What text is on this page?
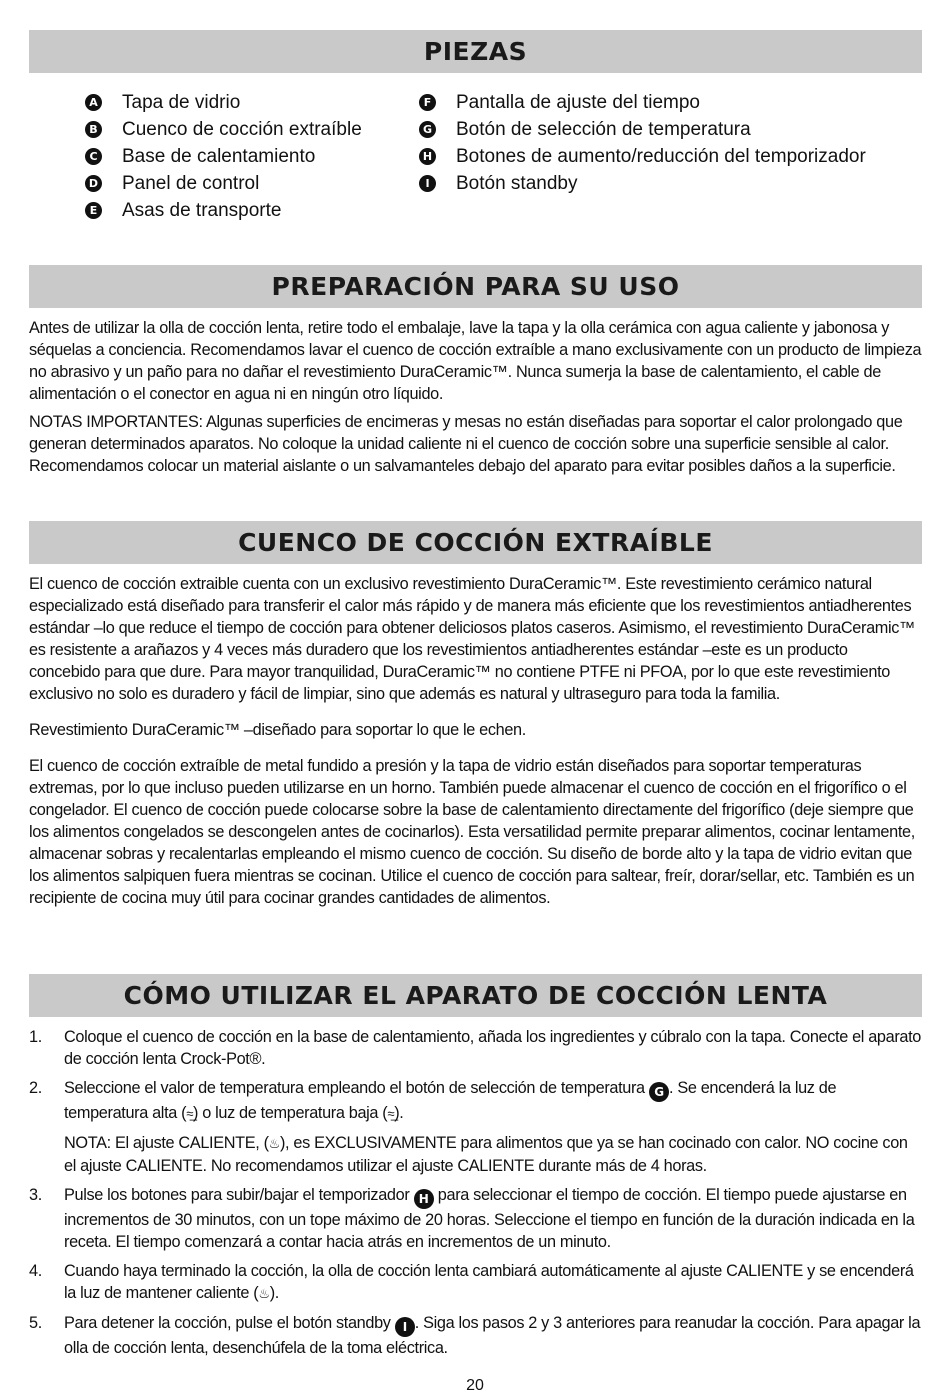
PIEZAS
A Tapa de vidrio
B Cuenco de cocción extraíble
C Base de calentamiento
D Panel de control
E Asas de transporte
F Pantalla de ajuste del tiempo
G Botón de selección de temperatura
H Botones de aumento/reducción del temporizador
I	Botón standby
PREPARACIÓN PARA SU USO

Antes de utilizar la olla de cocción lenta, retire todo el embalaje, lave la tapa y la olla cerámica con agua caliente y jabonosa y séquelas a conciencia. Recomendamos lavar el cuenco de cocción extraíble a mano exclusivamente con un producto de limpieza no abrasivo y un paño para no dañar el revestimiento DuraCeramic™. Nunca sumerja la base de calentamiento, el cable de alimentación o el conector en agua ni en ningún otro líquido.

NOTAS IMPORTANTES: Algunas superficies de encimeras y mesas no están diseñadas para soportar el calor prolongado que generan determinados aparatos. No coloque la unidad caliente ni el cuenco de cocción sobre una superficie sensible al calor. Recomendamos colocar un material aislante o un salvamanteles debajo del aparato para evitar posibles daños a la superficie.

CUENCO DE COCCIÓN EXTRAÍBLE

El cuenco de cocción extraible cuenta con un exclusivo revestimiento DuraCeramic™. Este revestimiento cerámico natural especializado está diseñado para transferir el calor más rápido y de manera más eficiente que los revestimientos antiadherentes estándar –lo que reduce el tiempo de cocción para obtener deliciosos platos caseros. Asimismo, el revestimiento DuraCeramic™ es resistente a arañazos y 4 veces más duradero que los revestimientos antiadherentes estándar –este es un producto concebido para que dure. Para mayor tranquilidad, DuraCeramic™ no contiene PTFE ni PFOA, por lo que este revestimiento exclusivo no solo es duradero y fácil de limpiar, sino que además es natural y ultraseguro para toda la familia.

Revestimiento DuraCeramic™ –diseñado para soportar lo que le echen.

El cuenco de cocción extraíble de metal fundido a presión y la tapa de vidrio están diseñados para soportar temperaturas extremas, por lo que incluso pueden utilizarse en un horno. También puede almacenar el cuenco de cocción en el frigorífico o el congelador. El cuenco de cocción puede colocarse sobre la base de calentamiento directamente del frigorífico (deje siempre que los alimentos congelados se descongelen antes de cocinarlos). Esta versatilidad permite preparar alimentos, cocinar lentamente, almacenar sobras y recalentarlas empleando el mismo cuenco de cocción. Su diseño de borde alto y la tapa de vidrio evitan que los alimentos salpiquen fuera mientras se cocinan. Utilice el cuenco de cocción para saltear, freír, dorar/sellar, etc. También es un recipiente de cocina muy útil para cocinar grandes cantidades de alimentos.

CÓMO UTILIZAR EL APARATO DE COCCIÓN LENTA
1.	Coloque el cuenco de cocción en la base de calentamiento, añada los ingredientes y cúbralo con la tapa. Conecte el aparato de cocción lenta Crock-Pot®.

2.	Seleccione el valor de temperatura empleando el botón de selección de temperatura G . Se encenderá la luz de temperatura alta (≈̲) o luz de temperatura baja (≈̲).

NOTA: El ajuste CALIENTE, (♨), es EXCLUSIVAMENTE para alimentos que ya se han cocinado con calor. NO cocine con el ajuste CALIENTE. No recomendamos utilizar el ajuste CALIENTE durante más de 4 horas.

3.	Pulse los botones para subir/bajar el temporizador H para seleccionar el tiempo de cocción. El tiempo puede ajustarse en incrementos de 30 minutos, con un tope máximo de 20 horas. Seleccione el tiempo en función de la duración indicada en la receta. El tiempo comenzará a contar hacia atrás en incrementos de un minuto.

4.	Cuando haya terminado la cocción, la olla de cocción lenta cambiará automáticamente al ajuste CALIENTE y se encenderá la luz de mantener caliente (♨).

5.	Para detener la cocción, pulse el botón standby I . Siga los pasos 2 y 3 anteriores para reanudar la cocción. Para apagar la olla de cocción lenta, desenchúfela de la toma eléctrica.

20
